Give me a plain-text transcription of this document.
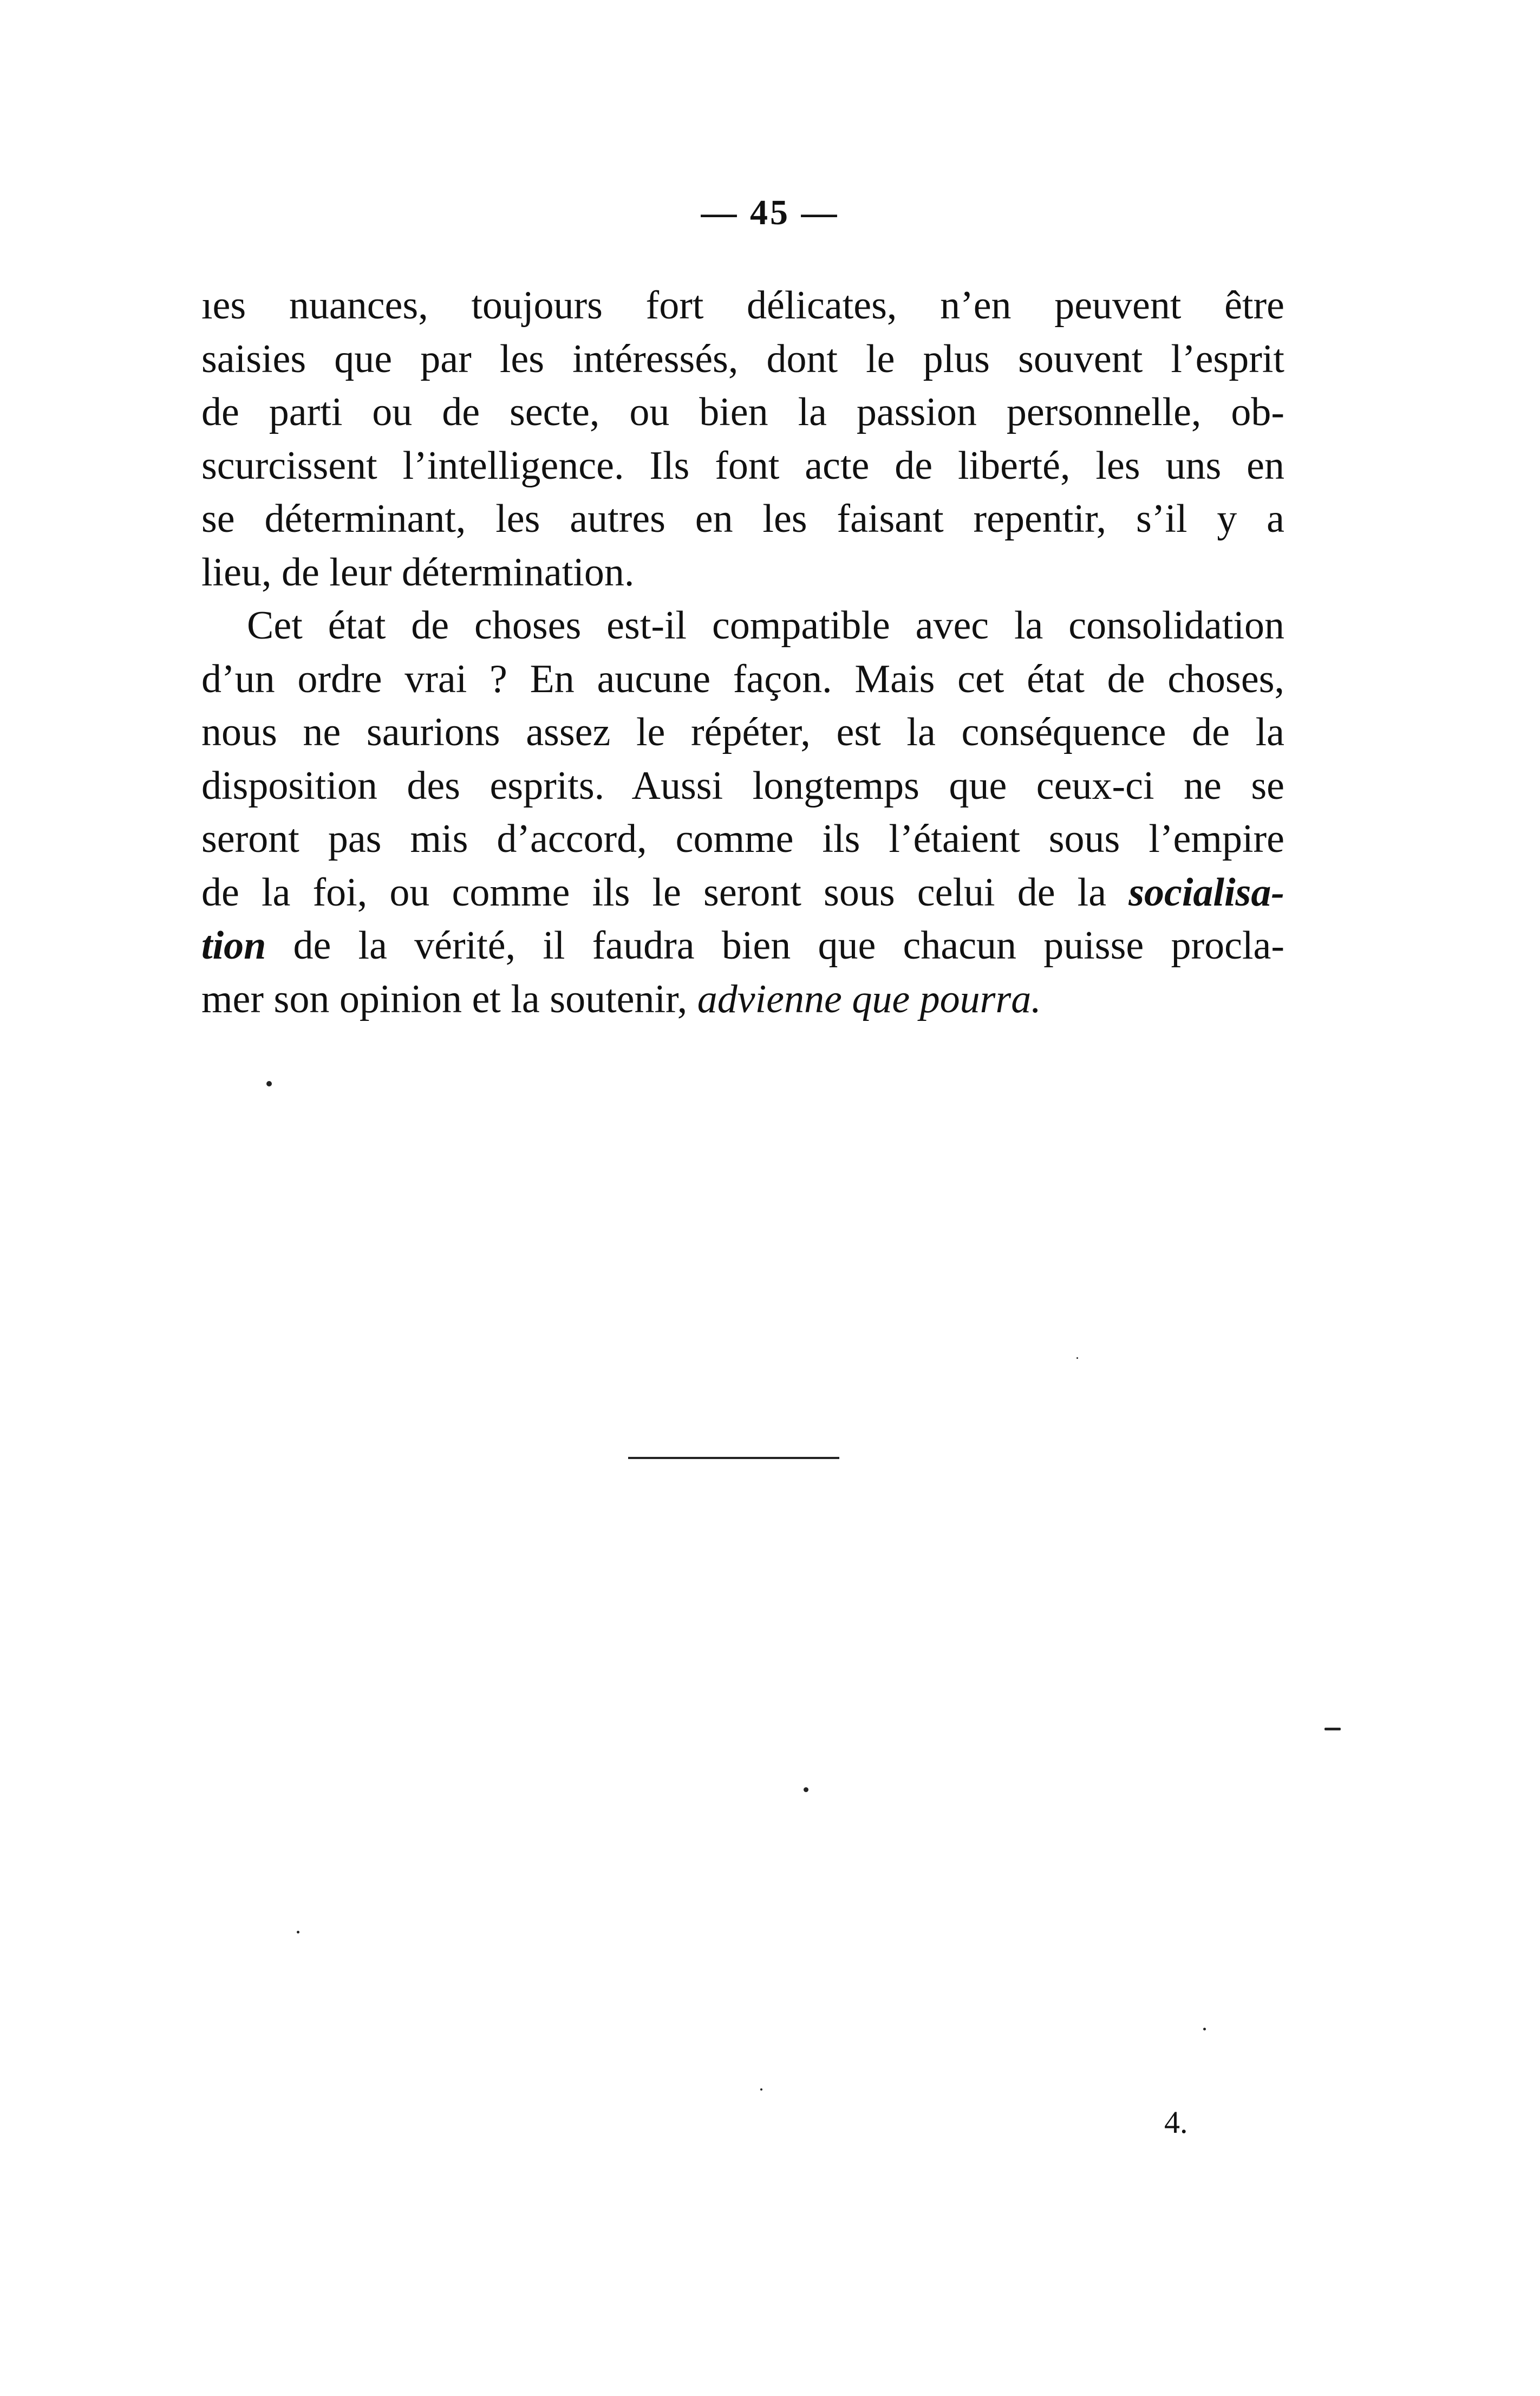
— 45 —

ıes nuances, toujours fort délicates, n’en peuvent être
saisies que par les intéressés, dont le plus souvent l’esprit
de parti ou de secte, ou bien la passion personnelle, ob-
scurcissent l’intelligence. Ils font acte de liberté, les uns en
se déterminant, les autres en les faisant repentir, s’il y a
lieu, de leur détermination.

Cet état de choses est-il compatible avec la consolidation
d’un ordre vrai ? En aucune façon. Mais cet état de choses,
nous ne saurions assez le répéter, est la conséquence de la
disposition des esprits. Aussi longtemps que ceux-ci ne se
seront pas mis d’accord, comme ils l’étaient sous l’empire
de la foi, ou comme ils le seront sous celui de la socialisa-
tion de la vérité, il faudra bien que chacun puisse procla-
mer son opinion et la soutenir, advienne que pourra.

4.
